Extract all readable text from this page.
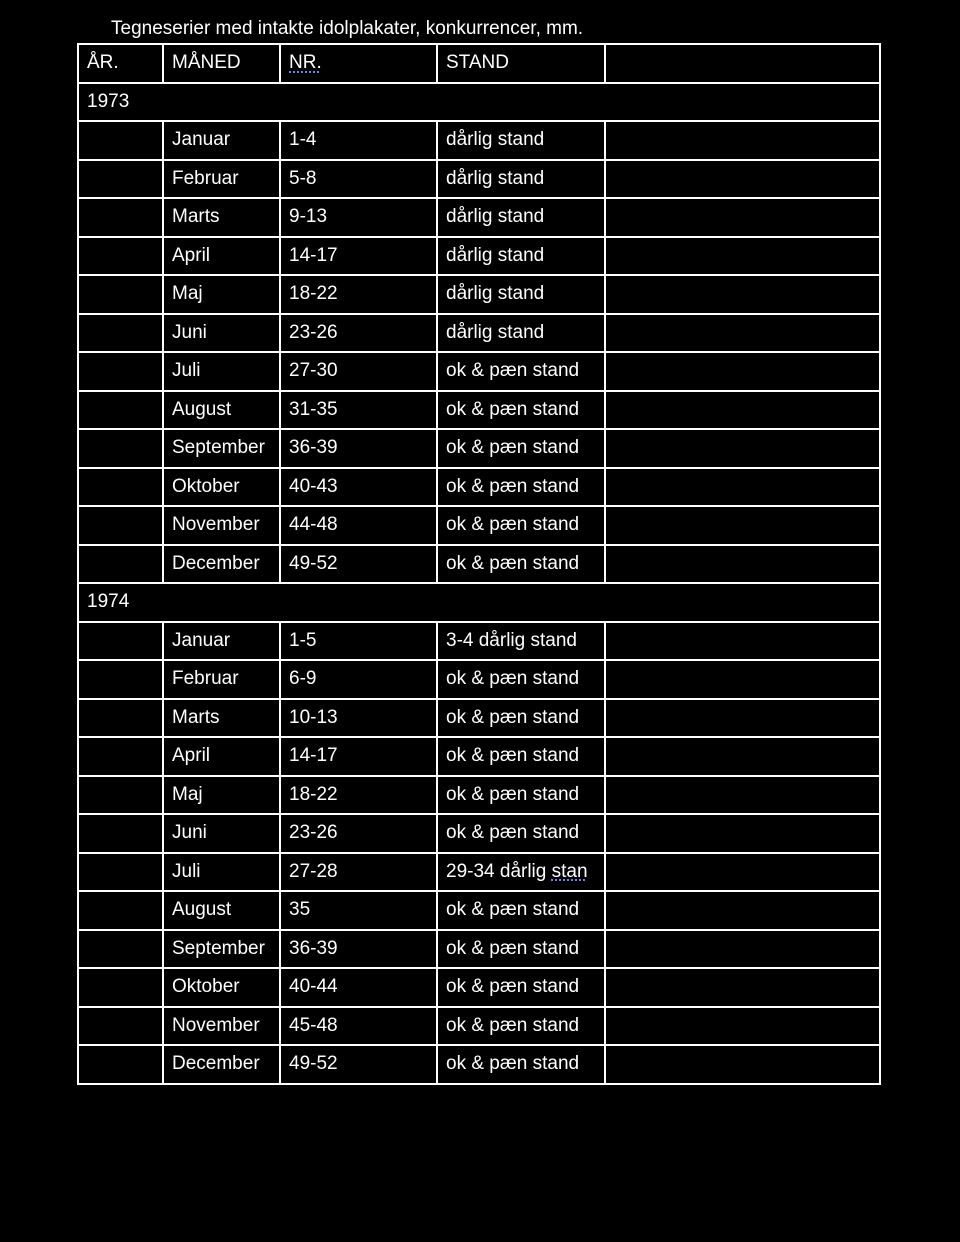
Tegneserier med intakte idolplakater, konkurrencer, mm.
ÅR.	MÅNED	NR.	STAND	
1973				
	Januar	1-4	dårlig stand	
	Februar	5-8	dårlig stand	
	Marts	9-13	dårlig stand	
	April	14-17	dårlig stand	
	Maj	18-22	dårlig stand	
	Juni	23-26	dårlig stand	
	Juli	27-30	ok & pæn stand	
	August	31-35	ok & pæn stand	
	September	36-39	ok & pæn stand	
	Oktober	40-43	ok & pæn stand	
	November	44-48	ok & pæn stand	
	December	49-52	ok & pæn stand	
1974				
	Januar	1-5	3-4 dårlig stand	
	Februar	6-9	ok & pæn stand	
	Marts	10-13	ok & pæn stand	
	April	14-17	ok & pæn stand	
	Maj	18-22	ok & pæn stand	
	Juni	23-26	ok & pæn stand	
	Juli	27-28	29-34 dårlig stan	
	August	35	ok & pæn stand	
	September	36-39	ok & pæn stand	
	Oktober	40-44	ok & pæn stand	
	November	45-48	ok & pæn stand	
	December	49-52	ok & pæn stand	
